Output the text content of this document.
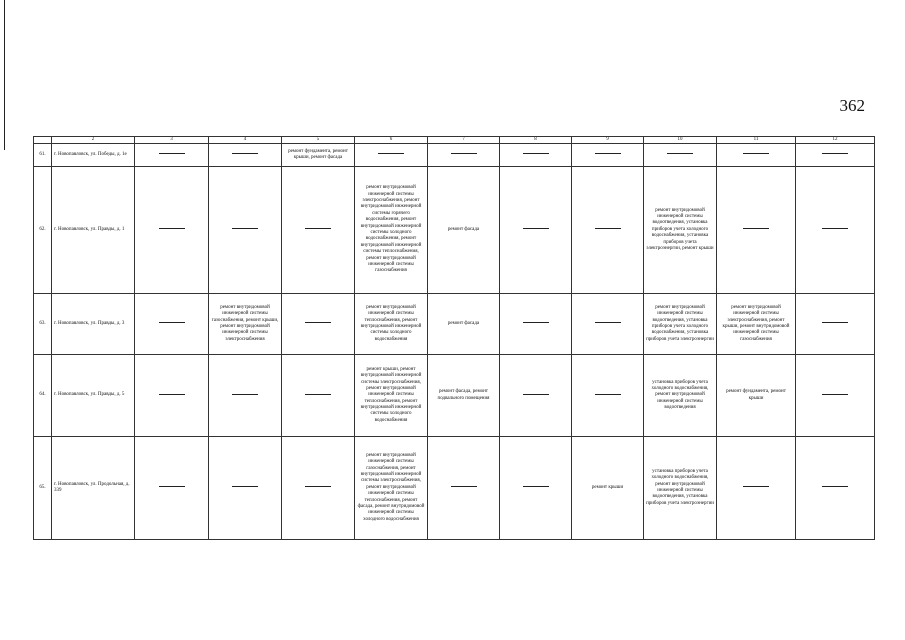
362
	2	3	4	5	6	7	8	9	10	11	12
61.	г. Новопавловск, ул. Победы, д. 1е			ремонт фундамента, ремонт крыши, ремонт фасада							
62.	г. Новопавловск, ул. Правды, д. 1				ремонт внутридомовой инженерной системы электроснабжения, ремонт внутридомовой инженерной системы горячего водоснабжения, ремонт внутридомовой инженерной системы холодного водоснабжения, ремонт внутридомовой инженерной системы теплоснабжения, ремонт внутридомовой инженерной системы газоснабжения	ремонт фасада			ремонт внутридомовой инженерной системы водоотведения, установка приборов учета холодного водоснабжения, установка приборов учета электроэнергии, ремонт крыши		
63.	г. Новопавловск, ул. Правды, д. 3		ремонт внутридомовой инженерной системы газоснабжения, ремонт крыши, ремонт внутридомовой инженерной системы электроснабжения		ремонт внутридомовой инженерной системы теплоснабжения, ремонт внутридомовой инженерной системы холодного водоснабжения	ремонт фасада			ремонт внутридомовой инженерной системы водоотведения, установка приборов учета холодного водоснабжения, установка приборов учета электроэнергии	ремонт внутридомовой инженерной системы электроснабжения, ремонт крыши, ремонт внутридомовой инженерной системы газоснабжения	
64.	г. Новопавловск, ул. Правды, д. 5				ремонт крыши, ремонт внутридомовой инженерной системы электроснабжения, ремонт внутридомовой инженерной системы теплоснабжения, ремонт внутридомовой инженерной системы холодного водоснабжения	ремонт фасада, ремонт подвального помещения			установка приборов учета холодного водоснабжения, ремонт внутридомовой инженерной системы водоотведения	ремонт фундамента, ремонт крыши	
65.	г. Новопавловск, ул. Продольная, д. 339				ремонт внутридомовой инженерной системы газоснабжения, ремонт внутридомовой инженерной системы электроснабжения, ремонт внутридомовой инженерной системы теплоснабжения, ремонт фасада, ремонт внутридомовой инженерной системы холодного водоснабжения			ремонт крыши	установка приборов учета холодного водоснабжения, ремонт внутридомовой инженерной системы водоотведения, установка приборов учета электроэнергии		
